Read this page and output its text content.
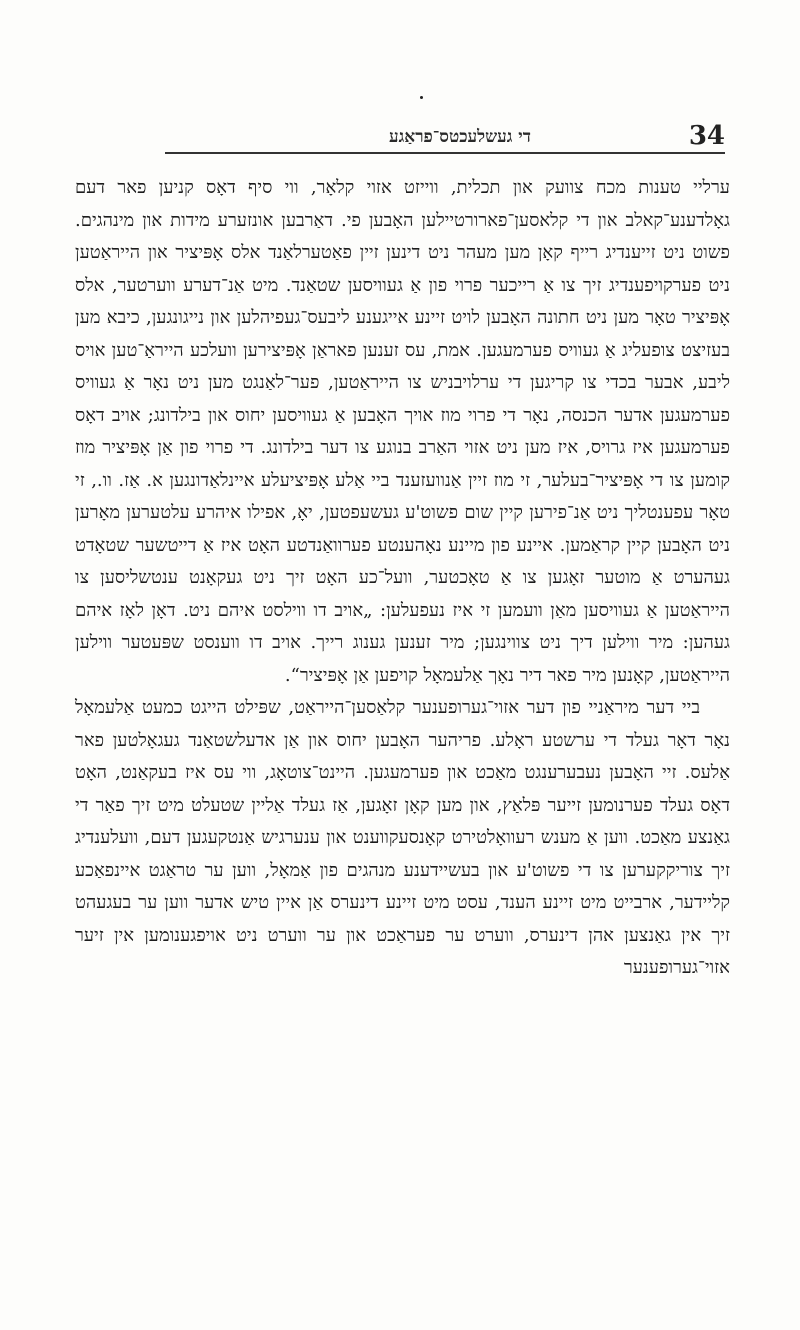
34
די געשלעכטס־פראַגע

ערליי טענות מכח צוועק און תכלית, ווייזט אזוי קלאָר, ווי סיף דאָס קניען פאר דעם גאָלדענע־קאלב און די קלאסען־פארורטיילען האָבען פי. דאַרבען אונזערע מידות און מינהגים. פשוט ניט זייענדיג רייף קאָן מען מעהר ניט דינען זיין פאַטערלאַנד אלס אָפּיציר און הייראַטען ניט פערקויפענדיג זיך צו אַ רייכער פרוי פון אַ געוויסען שטאַנד. מיט אַנ־דערע ווערטער, אלס אָפּיציר טאָר מען ניט חתונה האָבען לויט זיינע אייגענע ליבעס־געפיהלען און נייגונגען, כיבא מען בעזיצט צופעליג אַ געוויס פערמעגען. אמת, עס זענען פאראַן אָפּיצירען וועלכע הייראַ־טען אויס ליבע, אבער בכדי צו קריגען די ערלויבניש צו הייראַטען, פער־לאַנגט מען ניט נאָר אַ געוויס פערמעגען אדער הכנסה, נאָר די פרוי מוז אויך האָבען אַ געוויסען יחוס און בילדונג; אויב דאָס פערמעגען איז גרויס, איז מען ניט אזוי האַרב בנוגע צו דער בילדונג. די פרוי פון אַן אָפּיציר מוז קומען צו די אָפּיציר־בעלער, זי מוז זיין אַנוועזענד ביי אַלע אָפּיציעלע איינלאַדונגען א. אַז. וו., זי טאָר עפענטליך ניט אַנ־פירען קיין שום פשוט'ע געשעפטען, יאָ, אפילו איהרע עלטערען מאָרען ניט האָבען קיין קראַמען. איינע פון מיינע נאָהענטע פערוואַנדטע האָט איז אַ דייטשער שטאָדט געהערט אַ מוטער זאָגען צו אַ טאָכטער, וועל־כע האָט זיך ניט געקאָנט ענטשליסען צו הייראַטען אַ געוויסען מאַן וועמען זי איז נעפעלען: „אויב דו ווילסט איהם ניט. דאָן לאָז איהם געהען: מיר ווילען דיך ניט צווינגען; מיר זענען גענוג רייך. אויב דו ווענסט שפּעטער ווילען הייראַטען, קאָנען מיר פאר דיר נאָך אַלעמאָל קויפען אַן אָפּיציר“.

ביי דער מיראַניי פון דער אזוי־גערופענער קלאַסען־הייראַט, שפּילט הייגט כמעט אַלעמאָל נאָר דאָר געלד די ערשטע ראָלע. פריהער האָבען יחוס און אַן אדעלשטאַנד געגאָלטען פאר אַלעס. זיי האָבען נעבערענגט מאַכט און פערמעגען. היינט־צוטאָג, ווי עס איז בעקאַנט, האָט דאָס געלד פערנומען זייער פּלאַץ, און מען קאָן זאָגען, אַז געלד אַליין שטעלט מיט זיך פאַר די גאַנצע מאַכט. ווען אַ מענש רעוואָלטירט קאָנסעקווענט און ענערגיש אַנטקעגען דעם, וועלענדיג זיך צוריקקערען צו די פשוט'ע און בעשיידענע מנהגים פון אַמאָל, ווען ער טראַגט איינפאַכע קליידער, ארבייט מיט זיינע הענד, עסט מיט זיינע דינערס אַן איין טיש אדער ווען ער בעגעהט זיך אין גאַנצען אהן דינערס, ווערט ער פעראַכט און ער ווערט ניט אויפגענומען אין זיער אזוי־גערופענער
